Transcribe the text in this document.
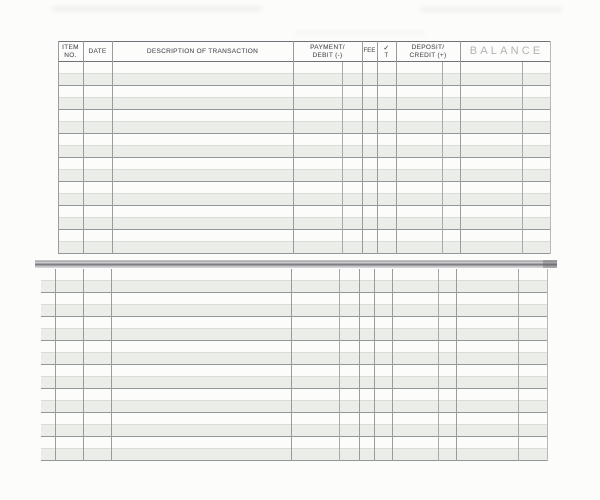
ITEM
NO.
DATE	DESCRIPTION OF TRANSACTION
PAYMENT/
DEBIT (-)
FEE ✓
T
DEPOSIT/
CREDIT (+) BALANCE
